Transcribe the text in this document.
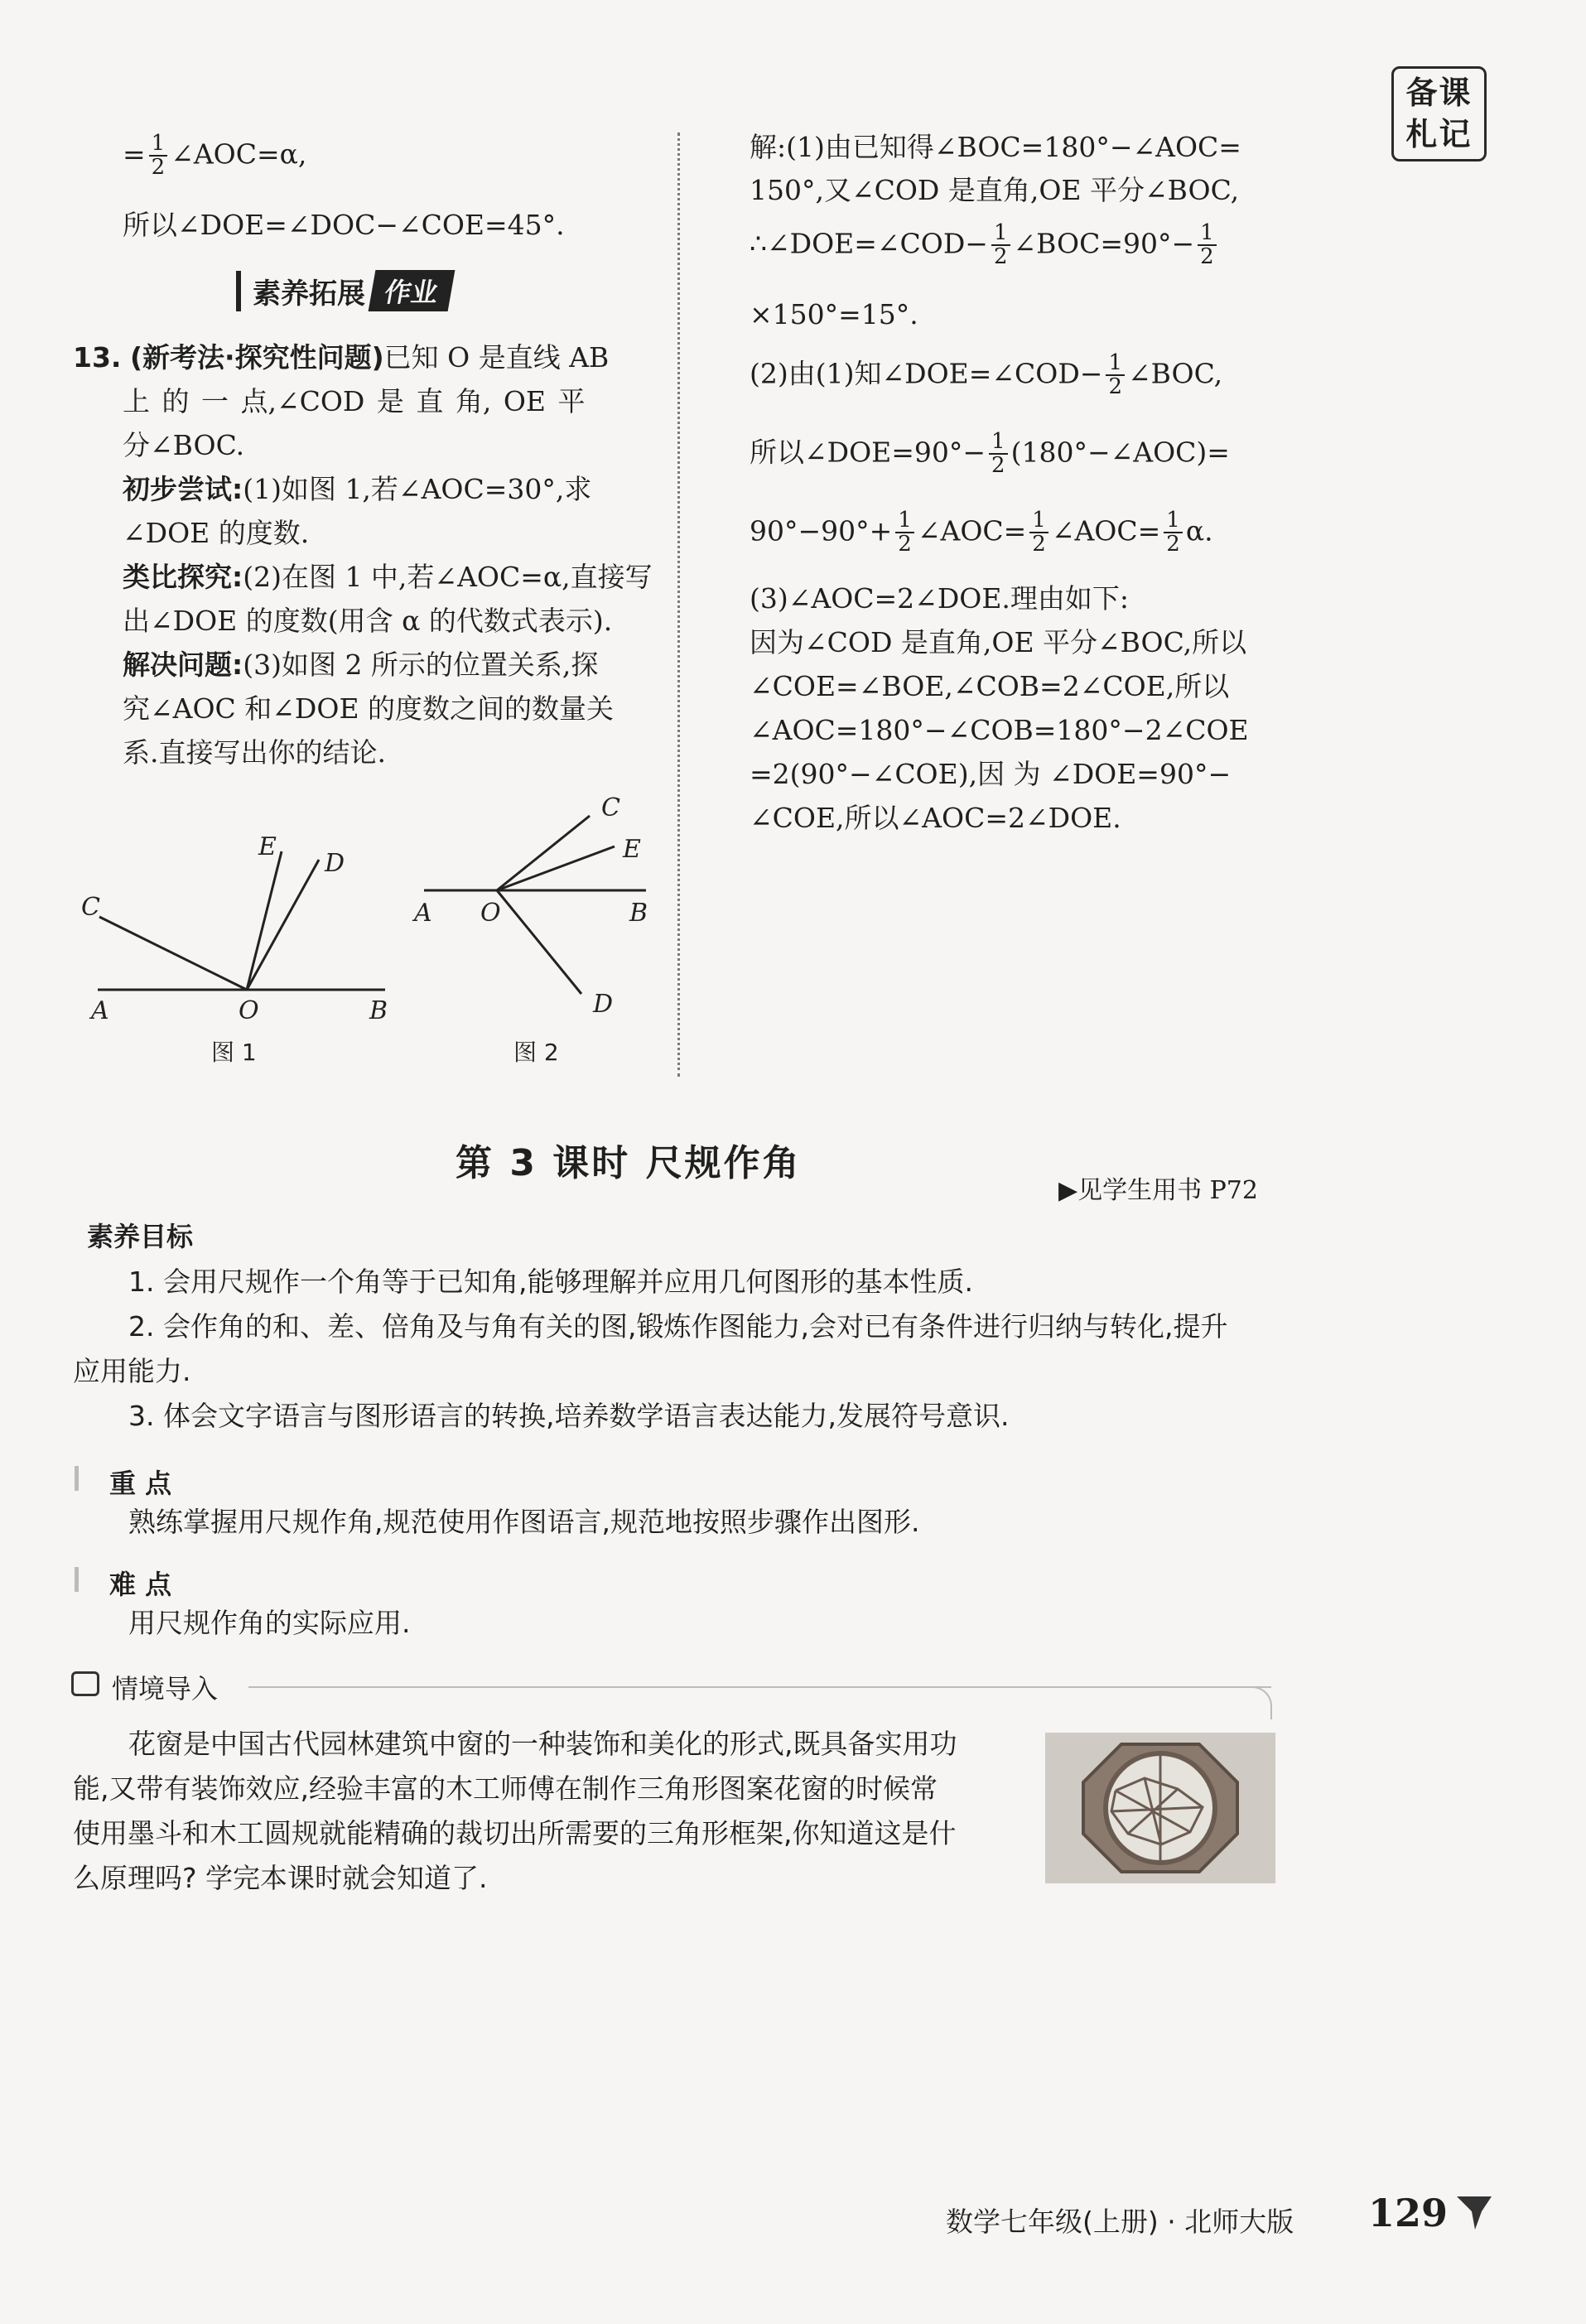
备课
札记
= $\frac{1}{2}$ ∠AOC=α,
所以∠DOE=∠DOC−∠COE=45°.
素养拓展 作业
13. (新考法·探究性问题)已知 O 是直线 AB
上 的 一 点,∠COD 是 直 角, OE 平
分∠BOC.
初步尝试:(1)如图 1,若∠AOC=30°,求
∠DOE 的度数.
类比探究:(2)在图 1 中,若∠AOC=α,直接写
出∠DOE 的度数(用含 α 的代数式表示).
解决问题:(3)如图 2 所示的位置关系,探
究∠AOC 和∠DOE 的度数之间的数量关
系.直接写出你的结论.
A	O	B
C
E
D
图 1
A O	B
C
E
D
图 2
解:(1)由已知得∠BOC=180°−∠AOC=
150°,又∠COD 是直角,OE 平分∠BOC,
∴∠DOE=∠COD− $\frac{1}{2}$ ∠BOC=90°− $\frac{1}{2}$
×150°=15°.
(2)由(1)知∠DOE=∠COD− $\frac{1}{2}$ ∠BOC,
所以∠DOE=90°− $\frac{1}{2}$ (180°−∠AOC)=
$90^\circ-90^\circ+ \frac{1}{2}$ ∠AOC= $\frac{1}{2}$ ∠AOC= $\frac{1}{2} \alpha$.
(3)∠AOC=2∠DOE.理由如下:
因为∠COD 是直角,OE 平分∠BOC,所以
∠COE=∠BOE,∠COB=2∠COE,所以
∠AOC=180°−∠COB=180°−2∠COE
=2(90°−∠COE),因 为 ∠DOE=90°−
∠COE,所以∠AOC=2∠DOE.
第 3 课时 尺规作角
▶见学生用书 P72
素养目标
1. 会用尺规作一个角等于已知角,能够理解并应用几何图形的基本性质.
2. 会作角的和、差、倍角及与角有关的图,锻炼作图能力,会对已有条件进行归纳与转化,提升
应用能力.
3. 体会文字语言与图形语言的转换,培养数学语言表达能力,发展符号意识.
重 点
熟练掌握用尺规作角,规范使用作图语言,规范地按照步骤作出图形.
难 点
用尺规作角的实际应用.
情境导入
花窗是中国古代园林建筑中窗的一种装饰和美化的形式,既具备实用功
能,又带有装饰效应,经验丰富的木工师傅在制作三角形图案花窗的时候常
使用墨斗和木工圆规就能精确的裁切出所需要的三角形框架,你知道这是什
么原理吗? 学完本课时就会知道了.
数学七年级(上册) · 北师大版 129
